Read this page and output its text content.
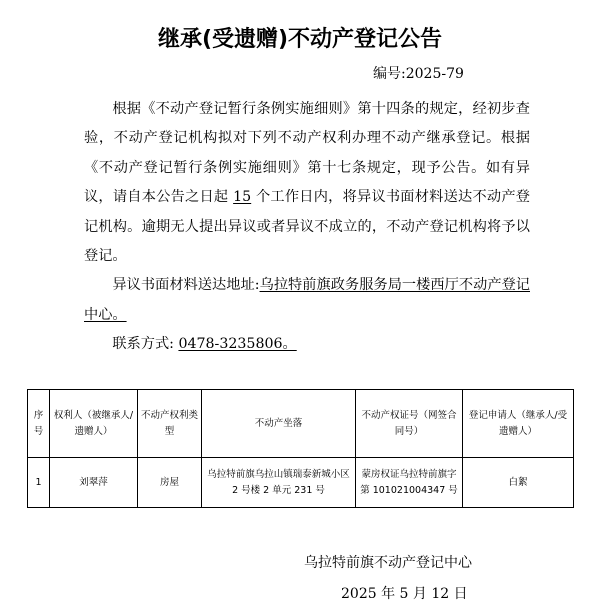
继承(受遗赠)不动产登记公告
编号:2025-79

根据《不动产登记暂行条例实施细则》第十四条的规定，经初步查验，不动产登记机构拟对下列不动产权利办理不动产继承登记。根据《不动产登记暂行条例实施细则》第十七条规定，现予公告。如有异议，请自本公告之日起 15 个工作日内，将异议书面材料送达不动产登记机构。逾期无人提出异议或者异议不成立的，不动产登记机构将予以登记。

异议书面材料送达地址:乌拉特前旗政务服务局一楼西厅不动产登记中心。

联系方式: 0478-3235806。

序号	权利人（被继承人/遗赠人）	不动产权利类型	不动产坐落	不动产权证号（网签合同号）	登记申请人（继承人/受遗赠人）
1	刘翠萍	房屋	乌拉特前旗乌拉山镇瑞泰新城小区 2 号楼 2 单元 231 号	蒙房权证乌拉特前旗字第 101021004347 号	白絮
乌拉特前旗不动产登记中心
2025 年 5 月 12 日
